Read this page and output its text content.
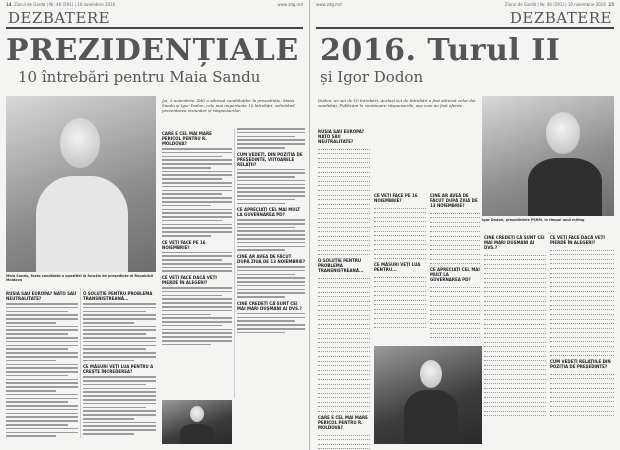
14 Ziarul de Gardă | Nr. 46 (591) | 10 noiembrie 2016	www.zdg.md
DEZBATERE
PREZIDENȚIALE
10 întrebări pentru Maia Sandu
Maia Sandu, fosta candidată a opoziției la funcția de președinte al Republicii Moldova
Joi, 3 noiembrie, ZdG a adresat candidaților la președinție, Maiei Sandu și Igor Dodon, cele mai importante 10 întrebări, solicitând prezentarea viziunilor și răspunsurilor.
CARE E CEL MAI MARE PERICOL PENTRU R. MOLDOVA?
CE VEȚI FACE PE 16 NOIEMBRIE?
CE VEȚI FACE DACĂ VEȚI PIERDE ÎN ALEGERI?
CUM VEDEȚI, DIN POZIȚIA DE PREȘEDINTE, VIITOARELE RELAȚII?
CE APRECIAȚI CEL MAI MULT LA GUVERNAREA PD?
CINE AR AVEA DE FĂCUT DUPĂ ZIUA DE 13 NOIEMBRIE?
CINE CREDEȚI CĂ SUNT CEI MAI MARI DUȘMANI AI DVS.?
RUSIA SAU EUROPA? NATO SAU NEUTRALITATE?
O SOLUȚIE PENTRU PROBLEMA TRANSNISTREANĂ...
CE MĂSURI VEȚI LUA PENTRU A CREȘTE ÎNCREDEREA?
www.zdg.md	Ziarul de Gardă | Nr. 46 (591) | 10 noiembrie 2016 15
DEZBATERE
2016. Turul II
și Igor Dodon
Dodon, un set de 10 întrebări. Același set de întrebări a fost adresat celor doi candidați. Publicăm în continuare răspunsurile, așa cum au fost oferite.
RUSIA SAU EUROPA? NATO SAU NEUTRALITATE?
O SOLUȚIE PENTRU PROBLEMA TRANSNISTREANĂ...
CARE E CEL MAI MARE PERICOL PENTRU R. MOLDOVA?
CE VEȚI FACE PE 16 NOIEMBRIE?
CE MĂSURI VEȚI LUA PENTRU...
CINE AR AVEA DE FĂCUT DUPĂ ZIUA DE 13 NOIEMBRIE?
CE APRECIAȚI CEL MAI MULT LA GUVERNAREA PD?
Igor Dodon, președintele PSRM, în timpul unui miting
CINE CREDEȚI CĂ SUNT CEI MAI MARI DUȘMANI AI DVS.?
CE VEȚI FACE DACĂ VEȚI PIERDE ÎN ALEGERI?
CUM VEDEȚI RELAȚIILE DIN POZIȚIA DE PREȘEDINTE?
